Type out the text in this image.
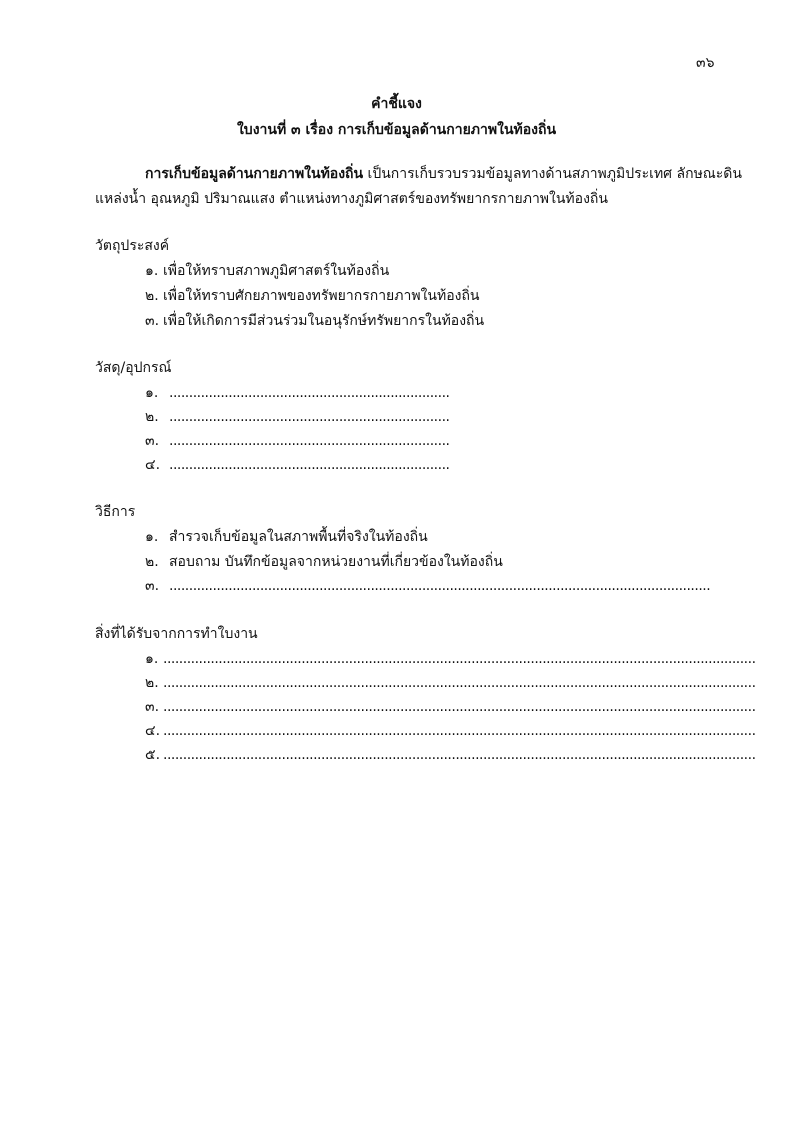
๓๖
คำชี้แจง
ใบงานที่ ๓ เรื่อง การเก็บข้อมูลด้านกายภาพในท้องถิ่น
การเก็บข้อมูลด้านกายภาพในท้องถิ่น เป็นการเก็บรวบรวมข้อมูลทางด้านสภาพภูมิประเทศ ลักษณะดิน
แหล่งน้ำ อุณหภูมิ ปริมาณแสง ตำแหน่งทางภูมิศาสตร์ของทรัพยากรกายภาพในท้องถิ่น
วัตถุประสงค์
๑. เพื่อให้ทราบสภาพภูมิศาสตร์ในท้องถิ่น
๒. เพื่อให้ทราบศักยภาพของทรัพยากรกายภาพในท้องถิ่น
๓. เพื่อให้เกิดการมีส่วนร่วมในอนุรักษ์ทรัพยากรในท้องถิ่น
วัสดุ/อุปกรณ์
๑. .......................................................................
๒. .......................................................................
๓. .......................................................................
๔. .......................................................................
วิธีการ
๑. สำรวจเก็บข้อมูลในสภาพพื้นที่จริงในท้องถิ่น
๒. สอบถาม บันทึกข้อมูลจากหน่วยงานที่เกี่ยวข้องในท้องถิ่น
๓. .........................................................................................................................................
สิ่งที่ได้รับจากการทำใบงาน
๑. ......................................................................................................................................................
๒. ......................................................................................................................................................
๓. ......................................................................................................................................................
๔. ......................................................................................................................................................
๕. ......................................................................................................................................................
